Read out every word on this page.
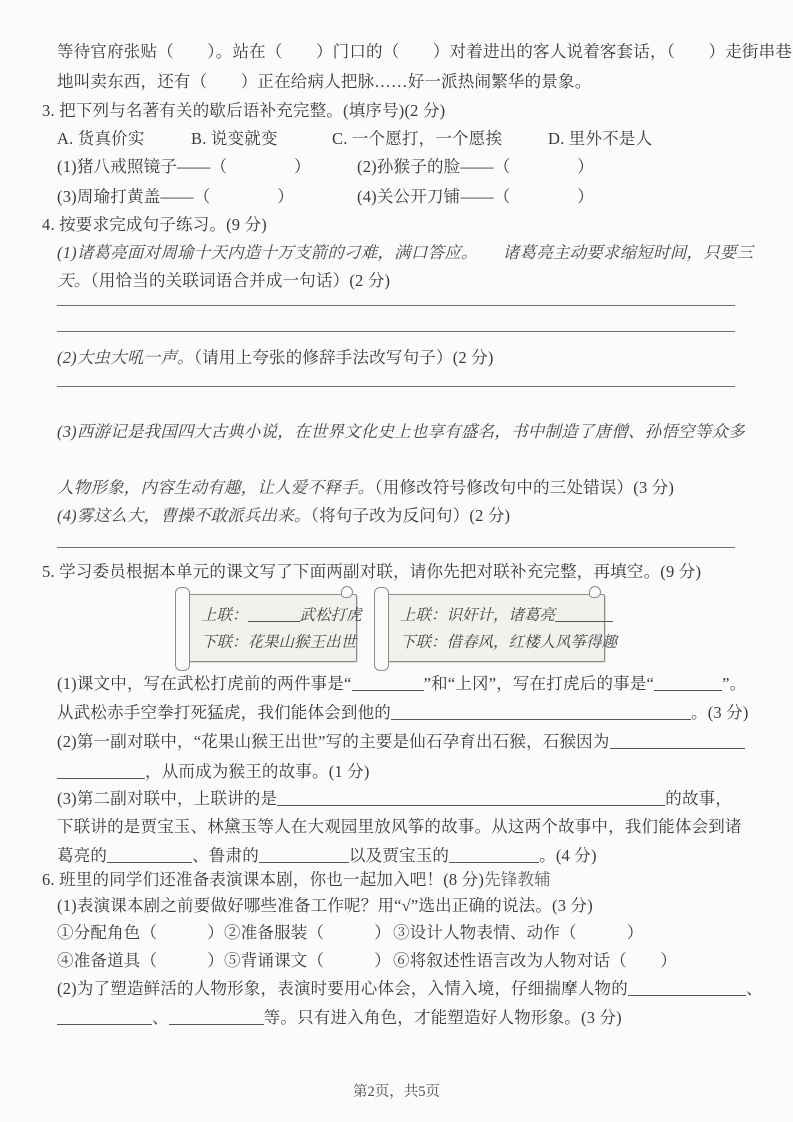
等待官府张贴（　　）。站在（　　）门口的（　　）对着进出的客人说着客套话，（　　）走街串巷

地叫卖东西，还有（　　）正在给病人把脉……好一派热闹繁华的景象。

3. 把下列与名著有关的歇后语补充完整。(填序号)(2 分)

A. 货真价实	B. 说变就变	C. 一个愿打，一个愿挨	D. 里外不是人

(1)猪八戒照镜子——（　　　　）	(2)孙猴子的脸——（　　　　）

(3)周瑜打黄盖——（　　　　）	(4)关公开刀铺——（　　　　）

4. 按要求完成句子练习。(9 分)

(1)诸葛亮面对周瑜十天内造十万支箭的刁难，满口答应。　　诸葛亮主动要求缩短时间，只要三

天。（用恰当的关联词语合并成一句话）(2 分)

(2)大虫大吼一声。（请用上夸张的修辞手法改写句子）(2 分)

(3)西游记是我国四大古典小说，在世界文化史上也享有盛名，书中制造了唐僧、孙悟空等众多

人物形象，内容生动有趣，让人爱不释手。（用修改符号修改句中的三处错误）(3 分)

(4)雾这么大，曹操不敢派兵出来。（将句子改为反问句）(2 分)

5. 学习委员根据本单元的课文写了下面两副对联，请你先把对联补充完整，再填空。(9 分)

上联：	武松打虎
下联：花果山猴王出世
上联：识奸计，诸葛亮
下联：借春风，红楼人风筝得趣

(1)课文中，写在武松打虎前的两件事是“	”和“上冈”，写在打虎后的事是“	”。

从武松赤手空拳打死猛虎，我们能体会到他的	。(3 分)

(2)第一副对联中，“花果山猴王出世”写的主要是仙石孕育出石猴，石猴因为

，从而成为猴王的故事。(1 分)

(3)第二副对联中，上联讲的是	的故事，

下联讲的是贾宝玉、林黛玉等人在大观园里放风筝的故事。从这两个故事中，我们能体会到诸

葛亮的	、鲁肃的	以及贾宝玉的	。(4 分)

6. 班里的同学们还准备表演课本剧，你也一起加入吧！(8 分)先锋教辅

(1)表演课本剧之前要做好哪些准备工作呢？用“√”选出正确的说法。(3 分)

①分配角色（　　　） ②准备服装（　　　） ③设计人物表情、动作（　　　）

④准备道具（　　　） ⑤背诵课文（　　　） ⑥将叙述性语言改为人物对话（　　）

(2)为了塑造鲜活的人物形象，表演时要用心体会，入情入境，仔细揣摩人物的	、

、	等。只有进入角色，才能塑造好人物形象。(3 分)

第2页，共5页
